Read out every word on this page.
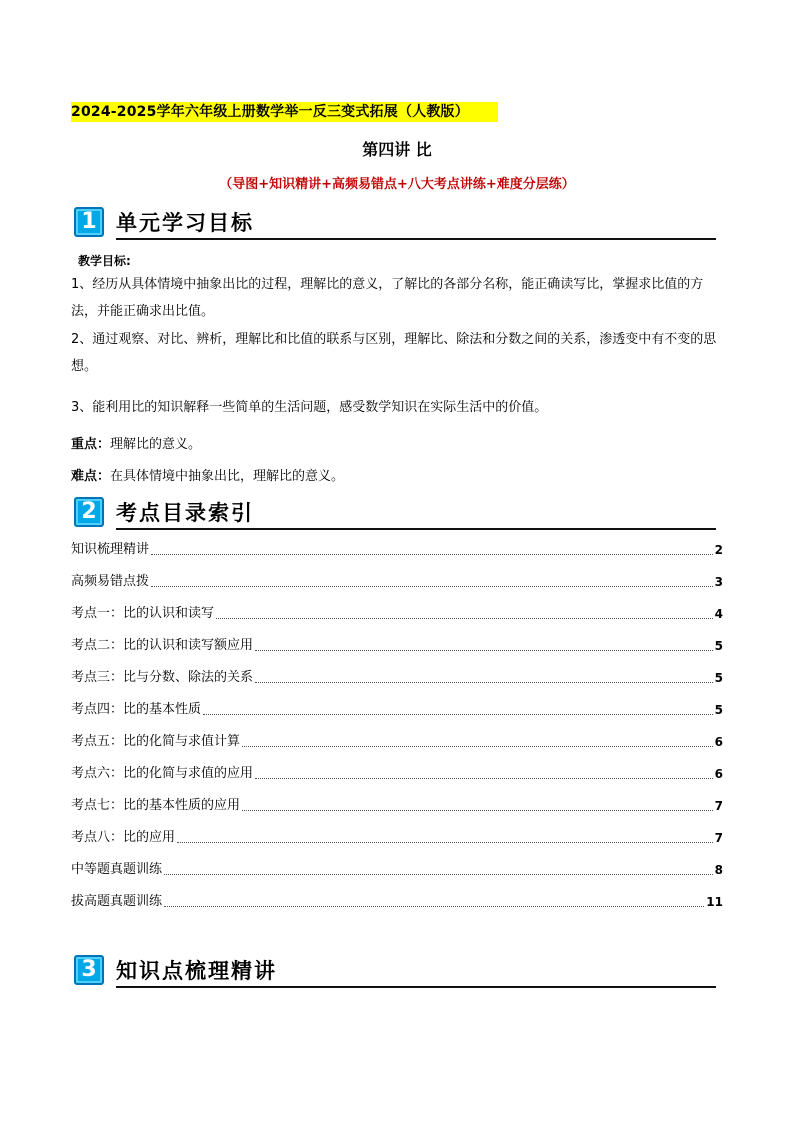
2024-2025学年六年级上册数学举一反三变式拓展（人教版）
第四讲 比
（导图+知识精讲+高频易错点+八大考点讲练+难度分层练）
1 单元学习目标
教学目标:
1、经历从具体情境中抽象出比的过程，理解比的意义，了解比的各部分名称，能正确读写比，掌握求比值的方法，并能正确求出比值。
2、通过观察、对比、辨析，理解比和比值的联系与区别，理解比、除法和分数之间的关系，渗透变中有不变的思想。
3、能利用比的知识解释一些简单的生活问题，感受数学知识在实际生活中的价值。
重点：理解比的意义。
难点：在具体情境中抽象出比，理解比的意义。
2 考点目录索引
知识梳理精讲	2
高频易错点拨	3
考点一：比的认识和读写	4
考点二：比的认识和读写额应用	5
考点三：比与分数、除法的关系	5
考点四：比的基本性质	5
考点五：比的化简与求值计算	6
考点六：比的化简与求值的应用	6
考点七：比的基本性质的应用	7
考点八：比的应用	7
中等题真题训练	8
拔高题真题训练	11
3 知识点梳理精讲
